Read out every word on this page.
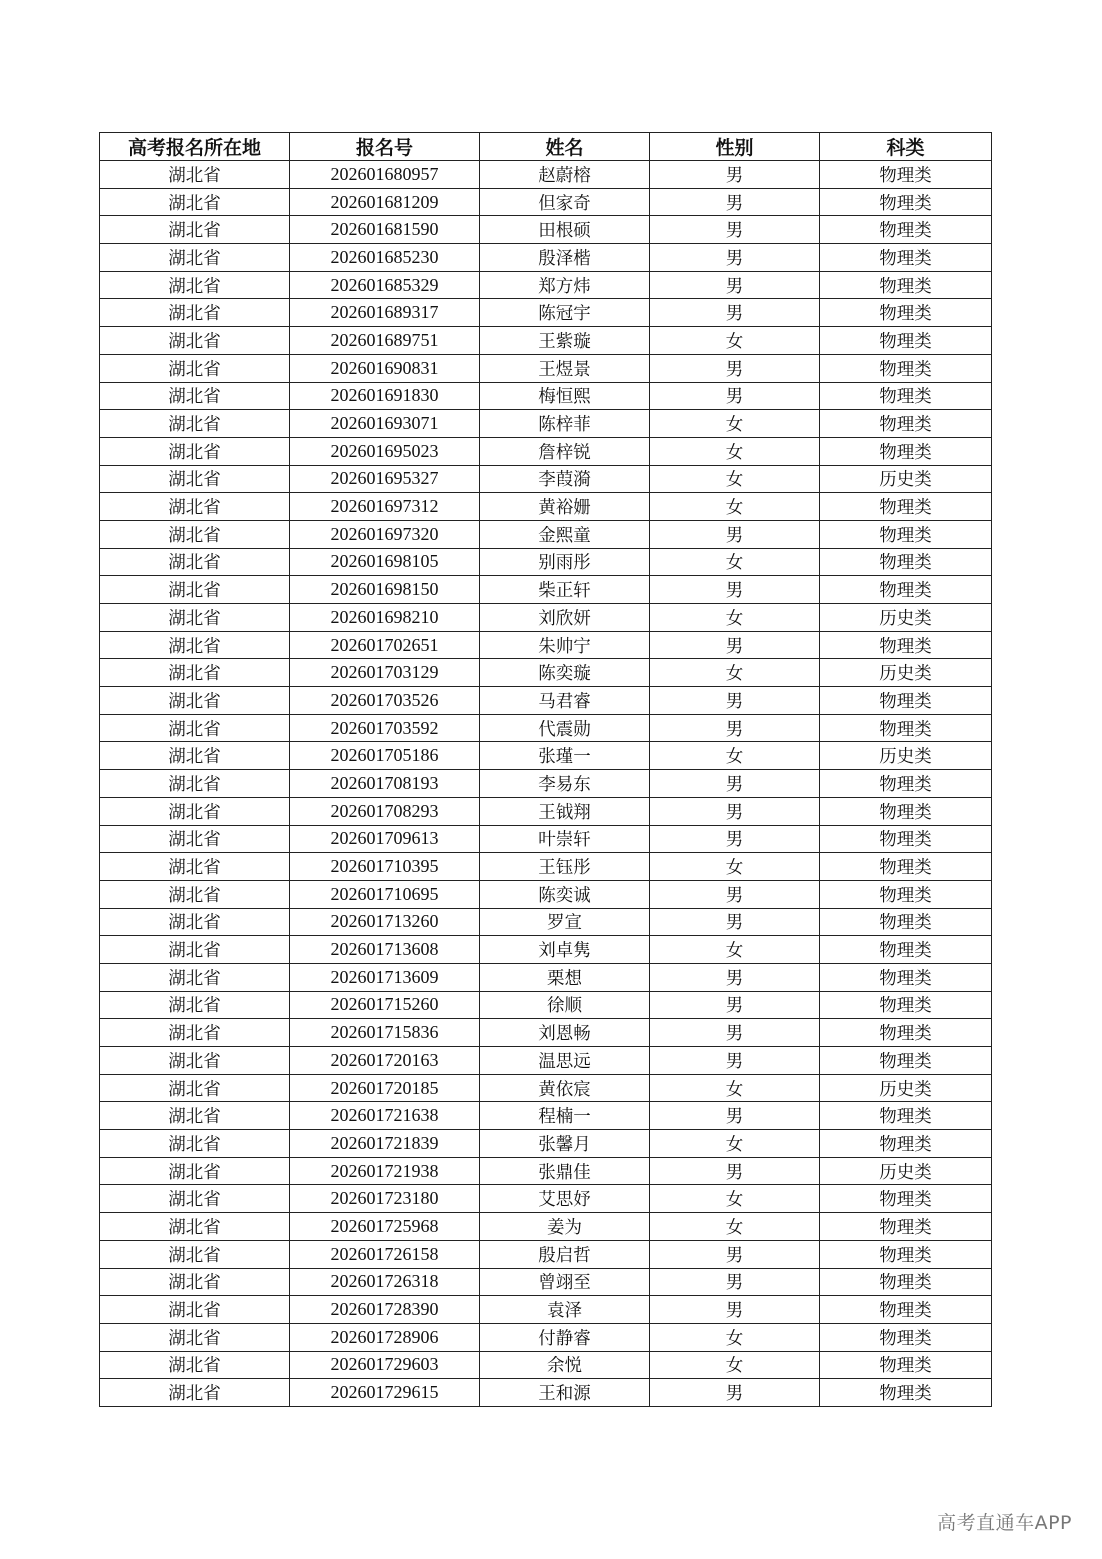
高考报名所在地	报名号	姓名	性别	科类
湖北省	202601680957	赵蔚榕	男	物理类
湖北省	202601681209	但家奇	男	物理类
湖北省	202601681590	田根硕	男	物理类
湖北省	202601685230	殷泽楷	男	物理类
湖北省	202601685329	郑方炜	男	物理类
湖北省	202601689317	陈冠宇	男	物理类
湖北省	202601689751	王紫璇	女	物理类
湖北省	202601690831	王煜景	男	物理类
湖北省	202601691830	梅恒熙	男	物理类
湖北省	202601693071	陈梓菲	女	物理类
湖北省	202601695023	詹梓锐	女	物理类
湖北省	202601695327	李葭漪	女	历史类
湖北省	202601697312	黄裕姗	女	物理类
湖北省	202601697320	金熙童	男	物理类
湖北省	202601698105	别雨彤	女	物理类
湖北省	202601698150	柴正轩	男	物理类
湖北省	202601698210	刘欣妍	女	历史类
湖北省	202601702651	朱帅宁	男	物理类
湖北省	202601703129	陈奕璇	女	历史类
湖北省	202601703526	马君睿	男	物理类
湖北省	202601703592	代震勋	男	物理类
湖北省	202601705186	张瑾一	女	历史类
湖北省	202601708193	李易东	男	物理类
湖北省	202601708293	王钺翔	男	物理类
湖北省	202601709613	叶崇轩	男	物理类
湖北省	202601710395	王钰彤	女	物理类
湖北省	202601710695	陈奕诚	男	物理类
湖北省	202601713260	罗宣	男	物理类
湖北省	202601713608	刘卓隽	女	物理类
湖北省	202601713609	栗想	男	物理类
湖北省	202601715260	徐顺	男	物理类
湖北省	202601715836	刘恩畅	男	物理类
湖北省	202601720163	温思远	男	物理类
湖北省	202601720185	黄依宸	女	历史类
湖北省	202601721638	程楠一	男	物理类
湖北省	202601721839	张馨月	女	物理类
湖北省	202601721938	张鼎佳	男	历史类
湖北省	202601723180	艾思妤	女	物理类
湖北省	202601725968	姜为	女	物理类
湖北省	202601726158	殷启哲	男	物理类
湖北省	202601726318	曾翊至	男	物理类
湖北省	202601728390	袁泽	男	物理类
湖北省	202601728906	付静睿	女	物理类
湖北省	202601729603	余悦	女	物理类
湖北省	202601729615	王和源	男	物理类
高考直通车APP
